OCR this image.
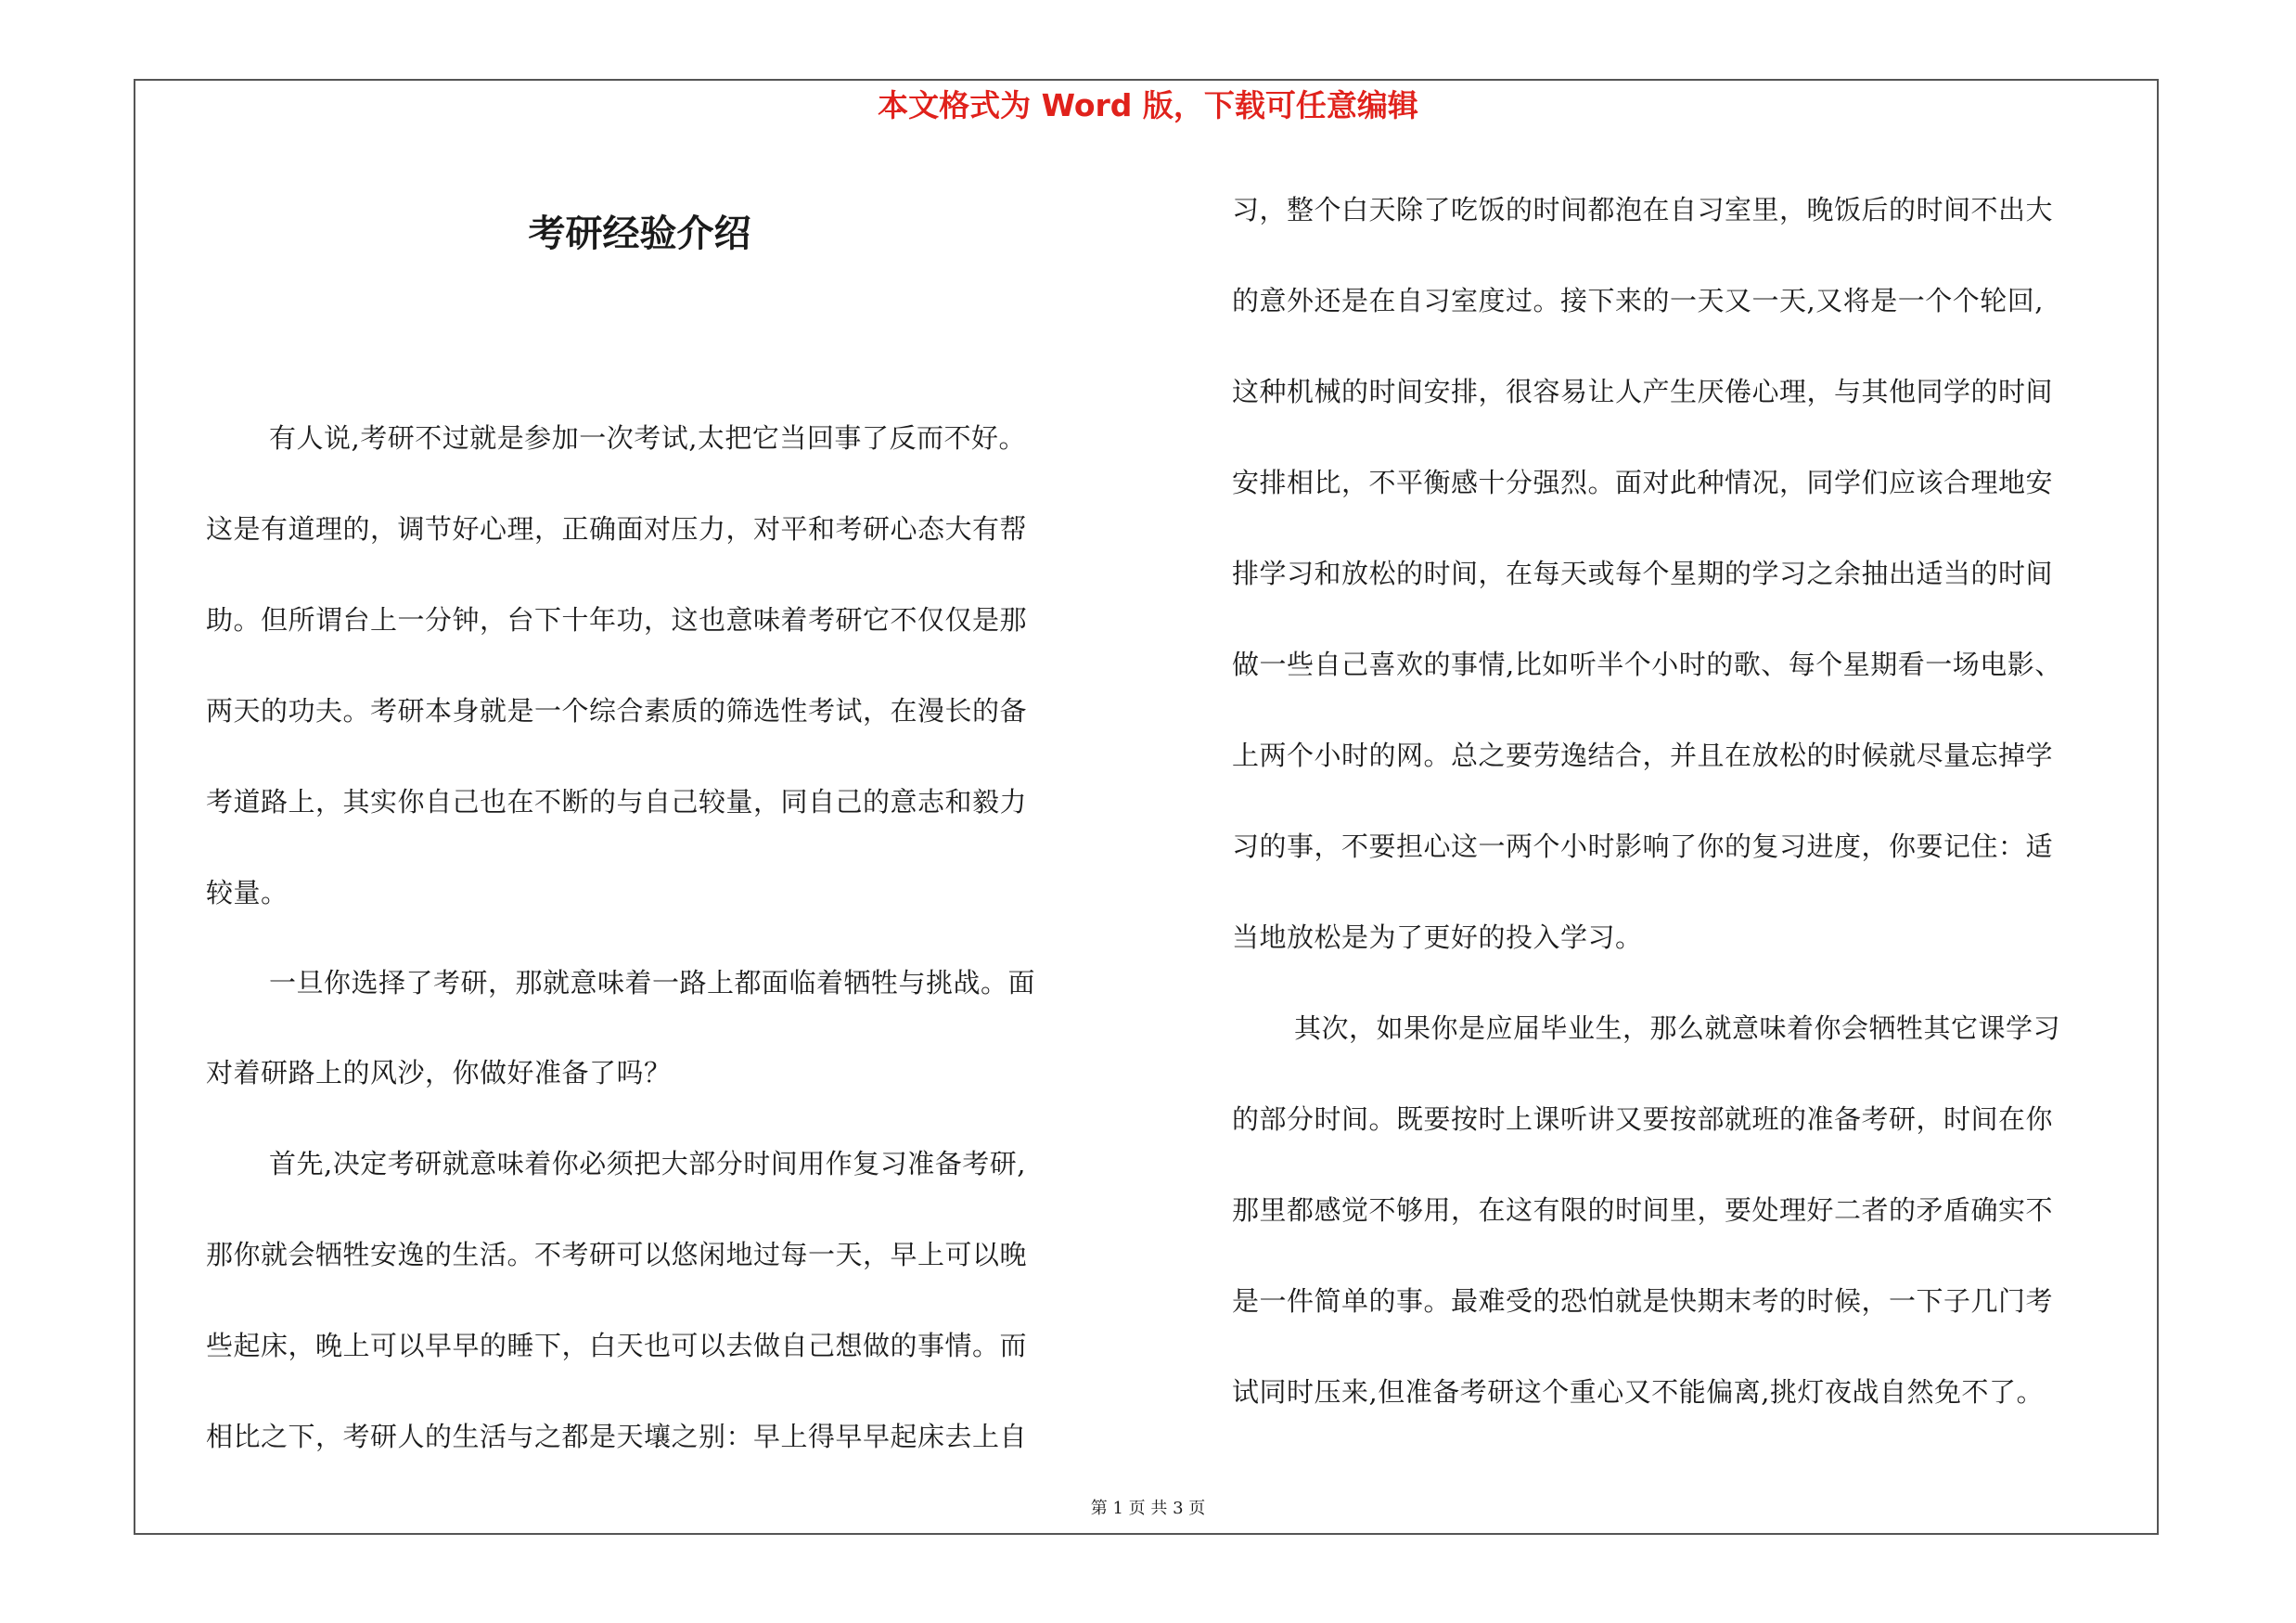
本文格式为 Word 版，下载可任意编辑
考研经验介绍
有人说,考研不过就是参加一次考试,太把它当回事了反而不好。
这是有道理的，调节好心理，正确面对压力，对平和考研心态大有帮
助。但所谓台上一分钟，台下十年功，这也意味着考研它不仅仅是那
两天的功夫。考研本身就是一个综合素质的筛选性考试，在漫长的备
考道路上，其实你自己也在不断的与自己较量，同自己的意志和毅力
较量。
一旦你选择了考研，那就意味着一路上都面临着牺牲与挑战。面
对着研路上的风沙，你做好准备了吗？
首先,决定考研就意味着你必须把大部分时间用作复习准备考研,
那你就会牺牲安逸的生活。不考研可以悠闲地过每一天，早上可以晚
些起床，晚上可以早早的睡下，白天也可以去做自己想做的事情。而
相比之下，考研人的生活与之都是天壤之别：早上得早早起床去上自
习，整个白天除了吃饭的时间都泡在自习室里，晚饭后的时间不出大
的意外还是在自习室度过。接下来的一天又一天,又将是一个个轮回,
这种机械的时间安排，很容易让人产生厌倦心理，与其他同学的时间
安排相比，不平衡感十分强烈。面对此种情况，同学们应该合理地安
排学习和放松的时间，在每天或每个星期的学习之余抽出适当的时间
做一些自己喜欢的事情,比如听半个小时的歌、每个星期看一场电影、
上两个小时的网。总之要劳逸结合，并且在放松的时候就尽量忘掉学
习的事，不要担心这一两个小时影响了你的复习进度，你要记住：适
当地放松是为了更好的投入学习。
其次，如果你是应届毕业生，那么就意味着你会牺牲其它课学习
的部分时间。既要按时上课听讲又要按部就班的准备考研，时间在你
那里都感觉不够用，在这有限的时间里，要处理好二者的矛盾确实不
是一件简单的事。最难受的恐怕就是快期末考的时候，一下子几门考
试同时压来,但准备考研这个重心又不能偏离,挑灯夜战自然免不了。
第 1 页 共 3 页
